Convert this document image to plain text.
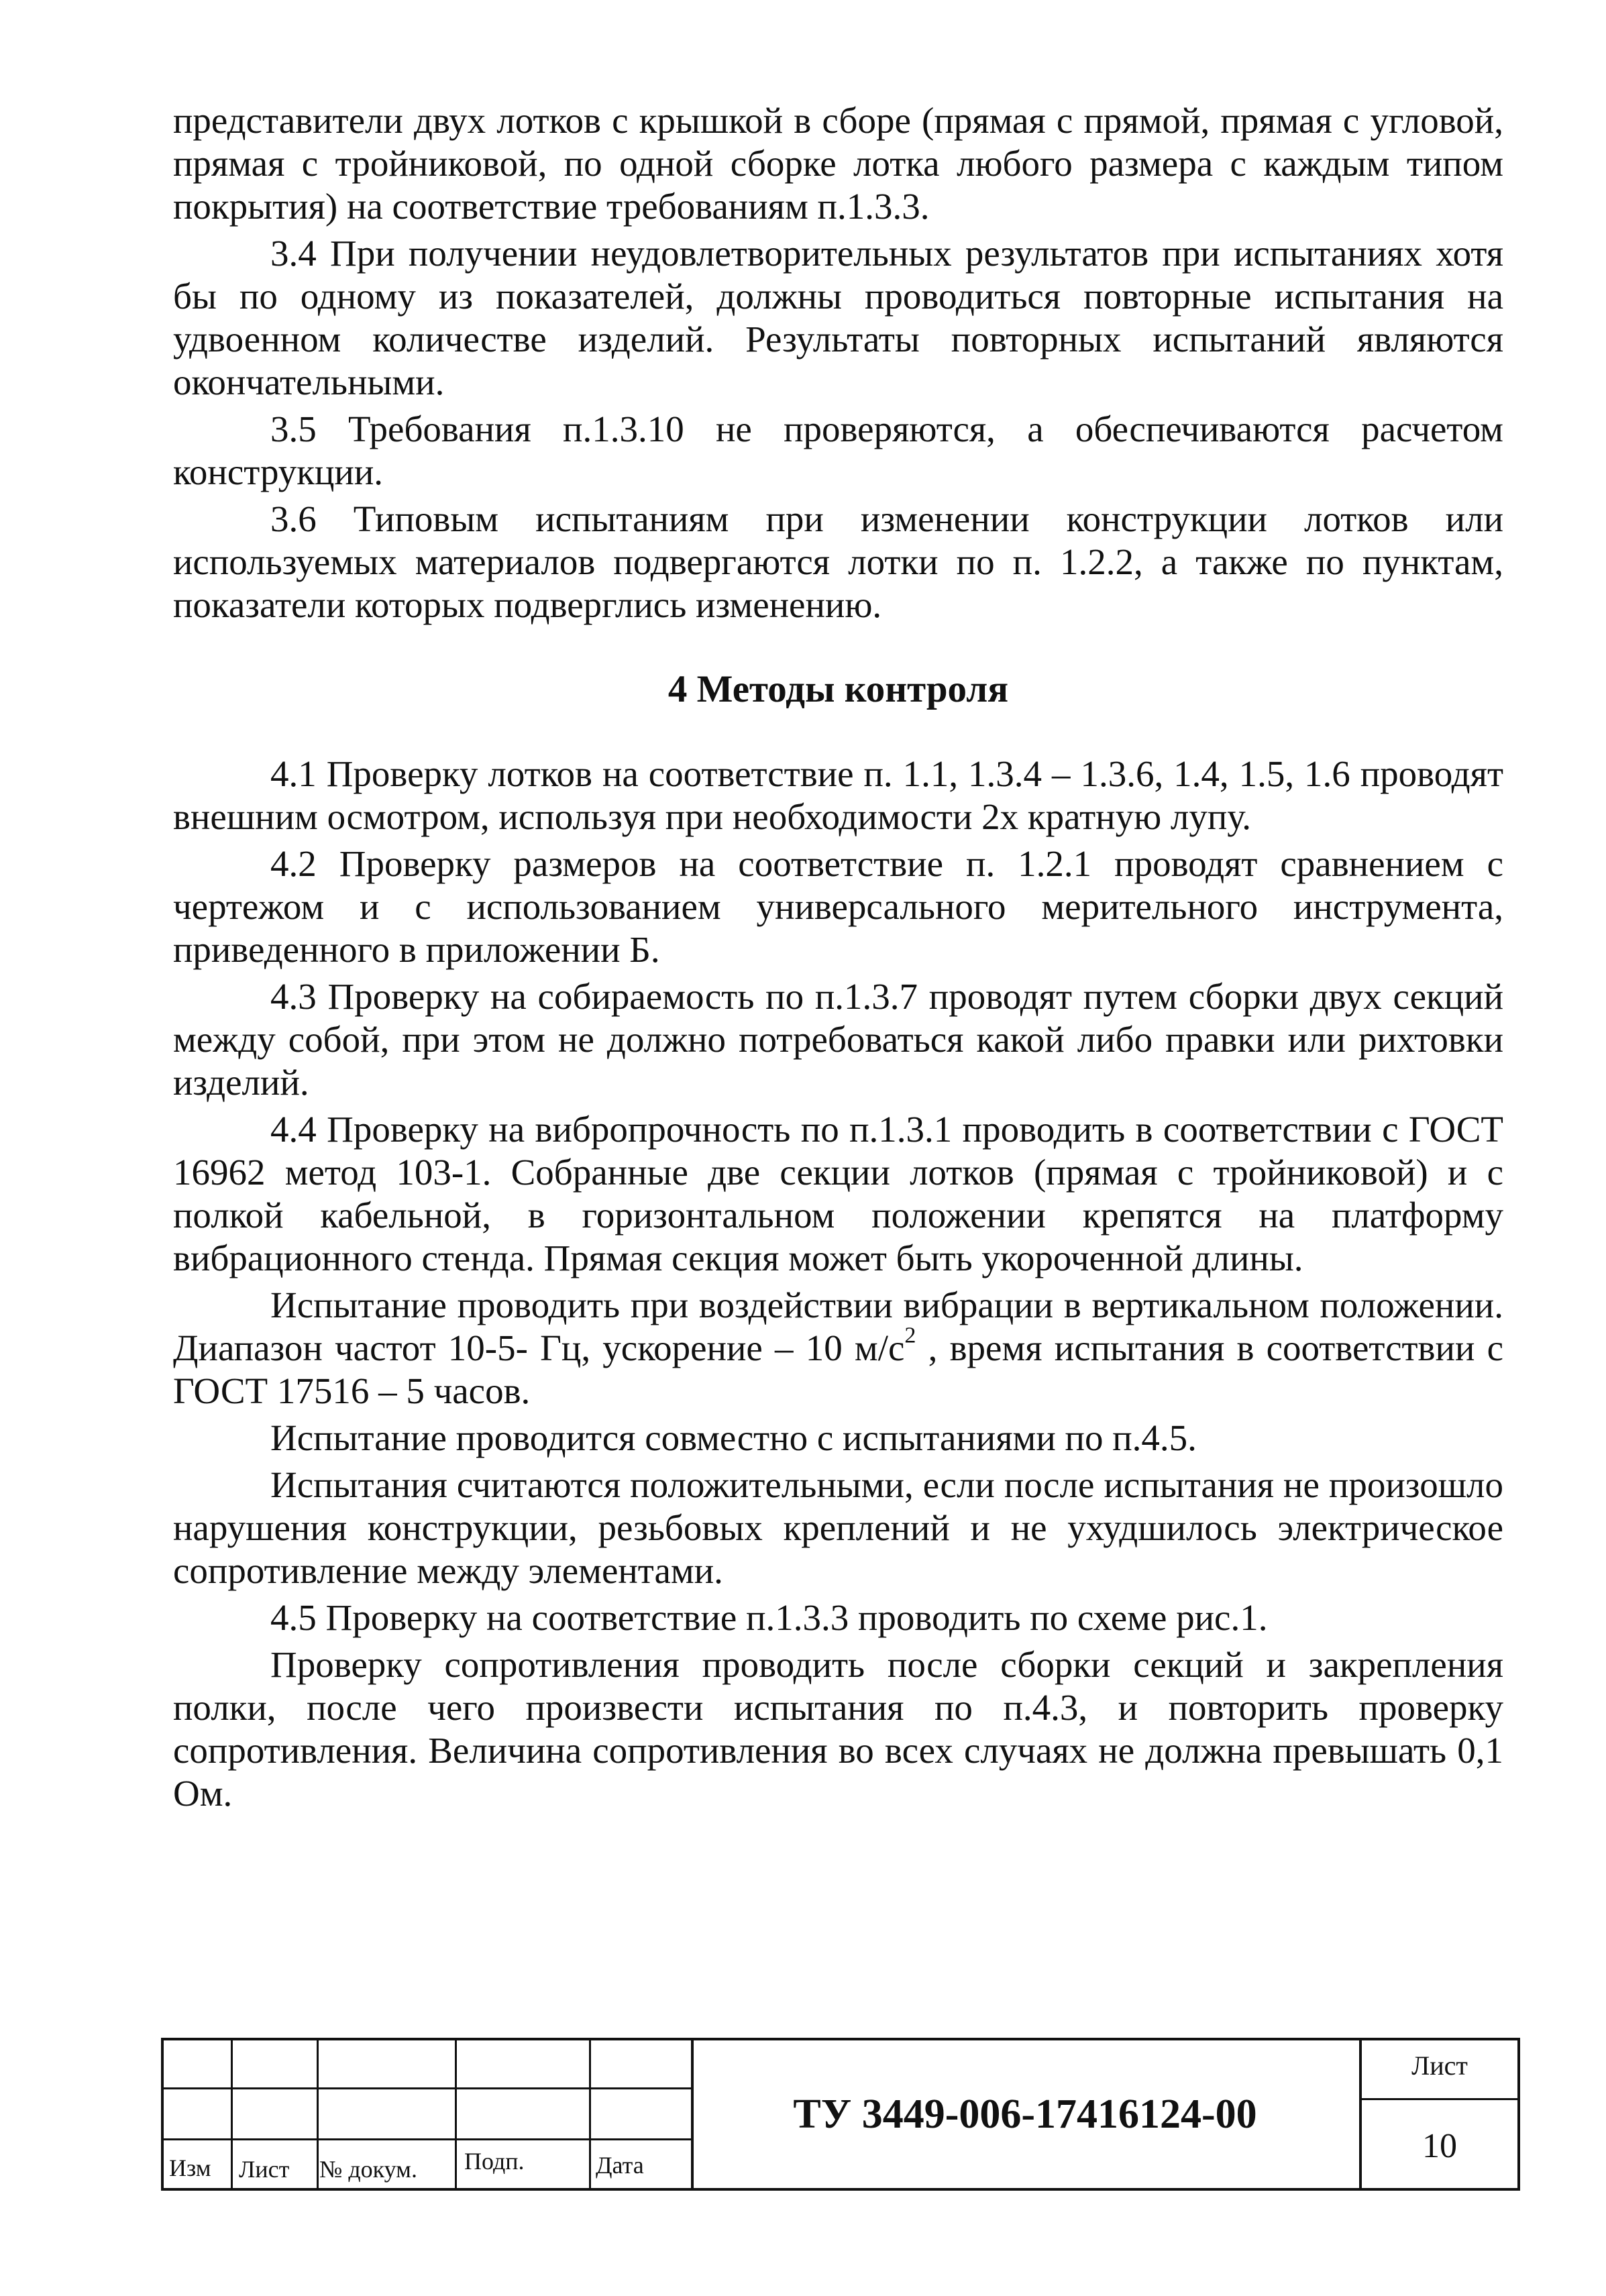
представители двух лотков с крышкой в сборе (прямая с прямой, прямая с угловой, прямая с тройниковой, по одной сборке лотка любого размера с каждым типом покрытия) на соответствие требованиям п.1.3.3.

3.4 При получении неудовлетворительных результатов при испытаниях хотя бы по одному из показателей, должны проводиться повторные испытания на удвоенном количестве изделий. Результаты повторных испытаний являются окончательными.

3.5 Требования п.1.3.10 не проверяются, а обеспечиваются расчетом конструкции.

3.6 Типовым испытаниям при изменении конструкции лотков или используемых материалов подвергаются лотки по п. 1.2.2, а также по пунктам, показатели которых подверглись изменению.

4 Методы контроля

4.1 Проверку лотков на соответствие п. 1.1, 1.3.4 – 1.3.6, 1.4, 1.5, 1.6 проводят внешним осмотром, используя при необходимости 2х кратную лупу.

4.2 Проверку размеров на соответствие п. 1.2.1 проводят сравнением с чертежом и с использованием универсального мерительного инструмента, приведенного в приложении Б.

4.3 Проверку на собираемость по п.1.3.7 проводят путем сборки двух секций между собой, при этом не должно потребоваться какой либо правки или рихтовки изделий.

4.4 Проверку на вибропрочность по п.1.3.1 проводить в соответствии с ГОСТ 16962 метод 103-1. Собранные две секции лотков (прямая с тройниковой) и с полкой кабельной, в горизонтальном положении крепятся на платформу вибрационного стенда. Прямая секция может быть укороченной длины.

Испытание проводить при воздействии вибрации в вертикальном положении. Диапазон частот 10-5- Гц, ускорение – 10 $м/с^2$ , время испытания в соответствии с ГОСТ 17516 – 5 часов.

Испытание проводится совместно с испытаниями по п.4.5.

Испытания считаются положительными, если после испытания не произошло нарушения конструкции, резьбовых креплений и не ухудшилось электрическое сопротивление между элементами.

4.5 Проверку на соответствие п.1.3.3 проводить по схеме рис.1.

Проверку сопротивления проводить после сборки секций и закрепления полки, после чего произвести испытания по п.4.3, и повторить проверку сопротивления. Величина сопротивления во всех случаях не должна превышать 0,1 Ом.

Изм Лист № докум. Подп.	Дата
ТУ 3449-006-17416124-00
Лист
10
